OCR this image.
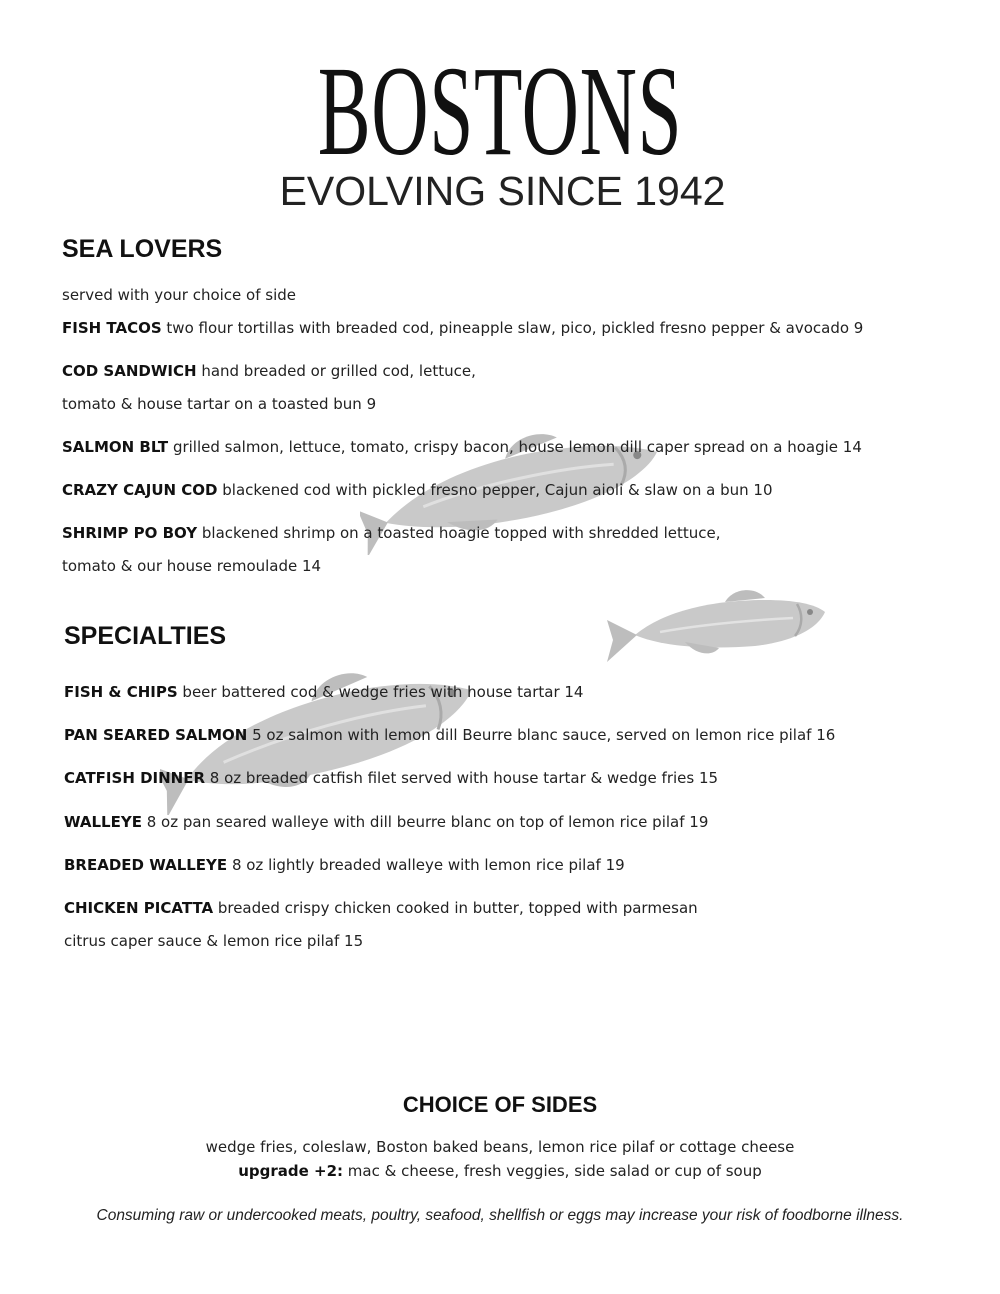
BOSTONS
EVOLVING SINCE 1942
SEA LOVERS
served with your choice of side
FISH TACOS two flour tortillas with breaded cod, pineapple slaw, pico, pickled fresno pepper & avocado 9
COD SANDWICH hand breaded or grilled cod, lettuce,
tomato & house tartar on a toasted bun 9
SALMON BLT grilled salmon, lettuce, tomato, crispy bacon, house lemon dill caper spread on a hoagie 14
CRAZY CAJUN COD blackened cod with pickled fresno pepper, Cajun aioli & slaw on a bun 10
SHRIMP PO BOY blackened shrimp on a toasted hoagie topped with shredded lettuce,
tomato & our house remoulade 14
SPECIALTIES
FISH & CHIPS beer battered cod & wedge fries with house tartar 14
PAN SEARED SALMON 5 oz salmon with lemon dill Beurre blanc sauce, served on lemon rice pilaf 16
CATFISH DINNER 8 oz breaded catfish filet served with house tartar & wedge fries 15
WALLEYE 8 oz pan seared walleye with dill beurre blanc on top of lemon rice pilaf 19
BREADED WALLEYE 8 oz lightly breaded walleye with lemon rice pilaf 19
CHICKEN PICATTA breaded crispy chicken cooked in butter, topped with parmesan
citrus caper sauce & lemon rice pilaf 15
CHOICE OF SIDES
wedge fries, coleslaw, Boston baked beans, lemon rice pilaf or cottage cheese
upgrade +2: mac & cheese, fresh veggies, side salad or cup of soup
Consuming raw or undercooked meats, poultry, seafood, shellfish or eggs may increase your risk of foodborne illness.
